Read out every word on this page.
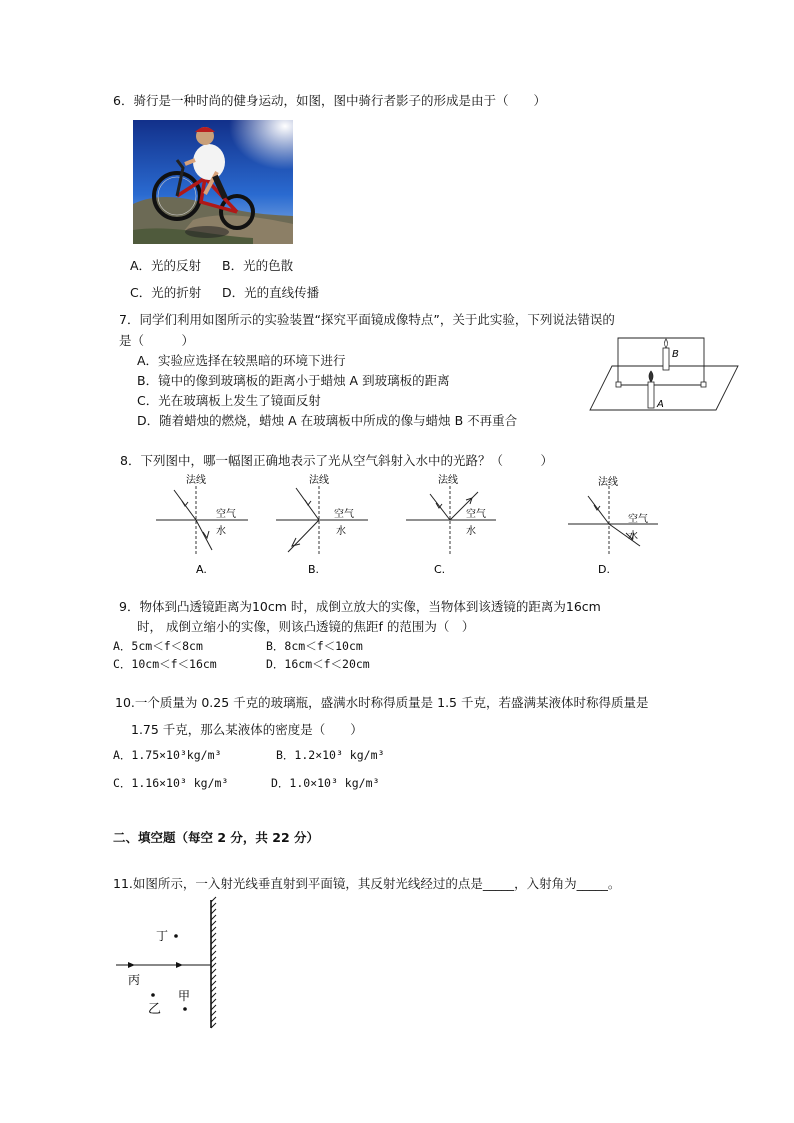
6．骑行是一种时尚的健身运动，如图，图中骑行者影子的形成是由于（　　）
A．光的反射 B．光的色散
C．光的折射 D．光的直线传播
7．同学们利用如图所示的实验装置“探究平面镜成像特点”，关于此实验，下列说法错误的
是（　　　）
A．实验应选择在较黑暗的环境下进行
B．镜中的像到玻璃板的距离小于蜡烛 A 到玻璃板的距离
C．光在玻璃板上发生了镜面反射
D．随着蜡烛的燃烧，蜡烛 A 在玻璃板中所成的像与蜡烛 B 不再重合
B
A
8．下列图中，哪一幅图正确地表示了光从空气斜射入水中的光路？（　　　）
法线
空气
水
A.
法线
空气
水
B.
法线
空气
水
C.
法线
空气
水
D.
9．物体到凸透镜距离为10cm 时，成倒立放大的实像，当物体到该透镜的距离为16cm
时， 成倒立缩小的实像，则该凸透镜的焦距f 的范围为（　）
A．5cm＜f＜8cm	B．8cm＜f＜10cm
C．10cm＜f＜16cm	D．16cm＜f＜20cm
10.一个质量为 0.25 千克的玻璃瓶，盛满水时称得质量是 1.5 千克，若盛满某液体时称得质量是
1.75 千克，那么某液体的密度是（　　）
A．1.75×10³kg/m³	B．1.2×10³ kg/m³
C．1.16×10³ kg/m³	D．1.0×10³ kg/m³
二、填空题（每空 2 分，共 22 分）
11.如图所示，一入射光线垂直射到平面镜，其反射光线经过的点是_____，入射角为_____。
丁
丙
甲
乙
